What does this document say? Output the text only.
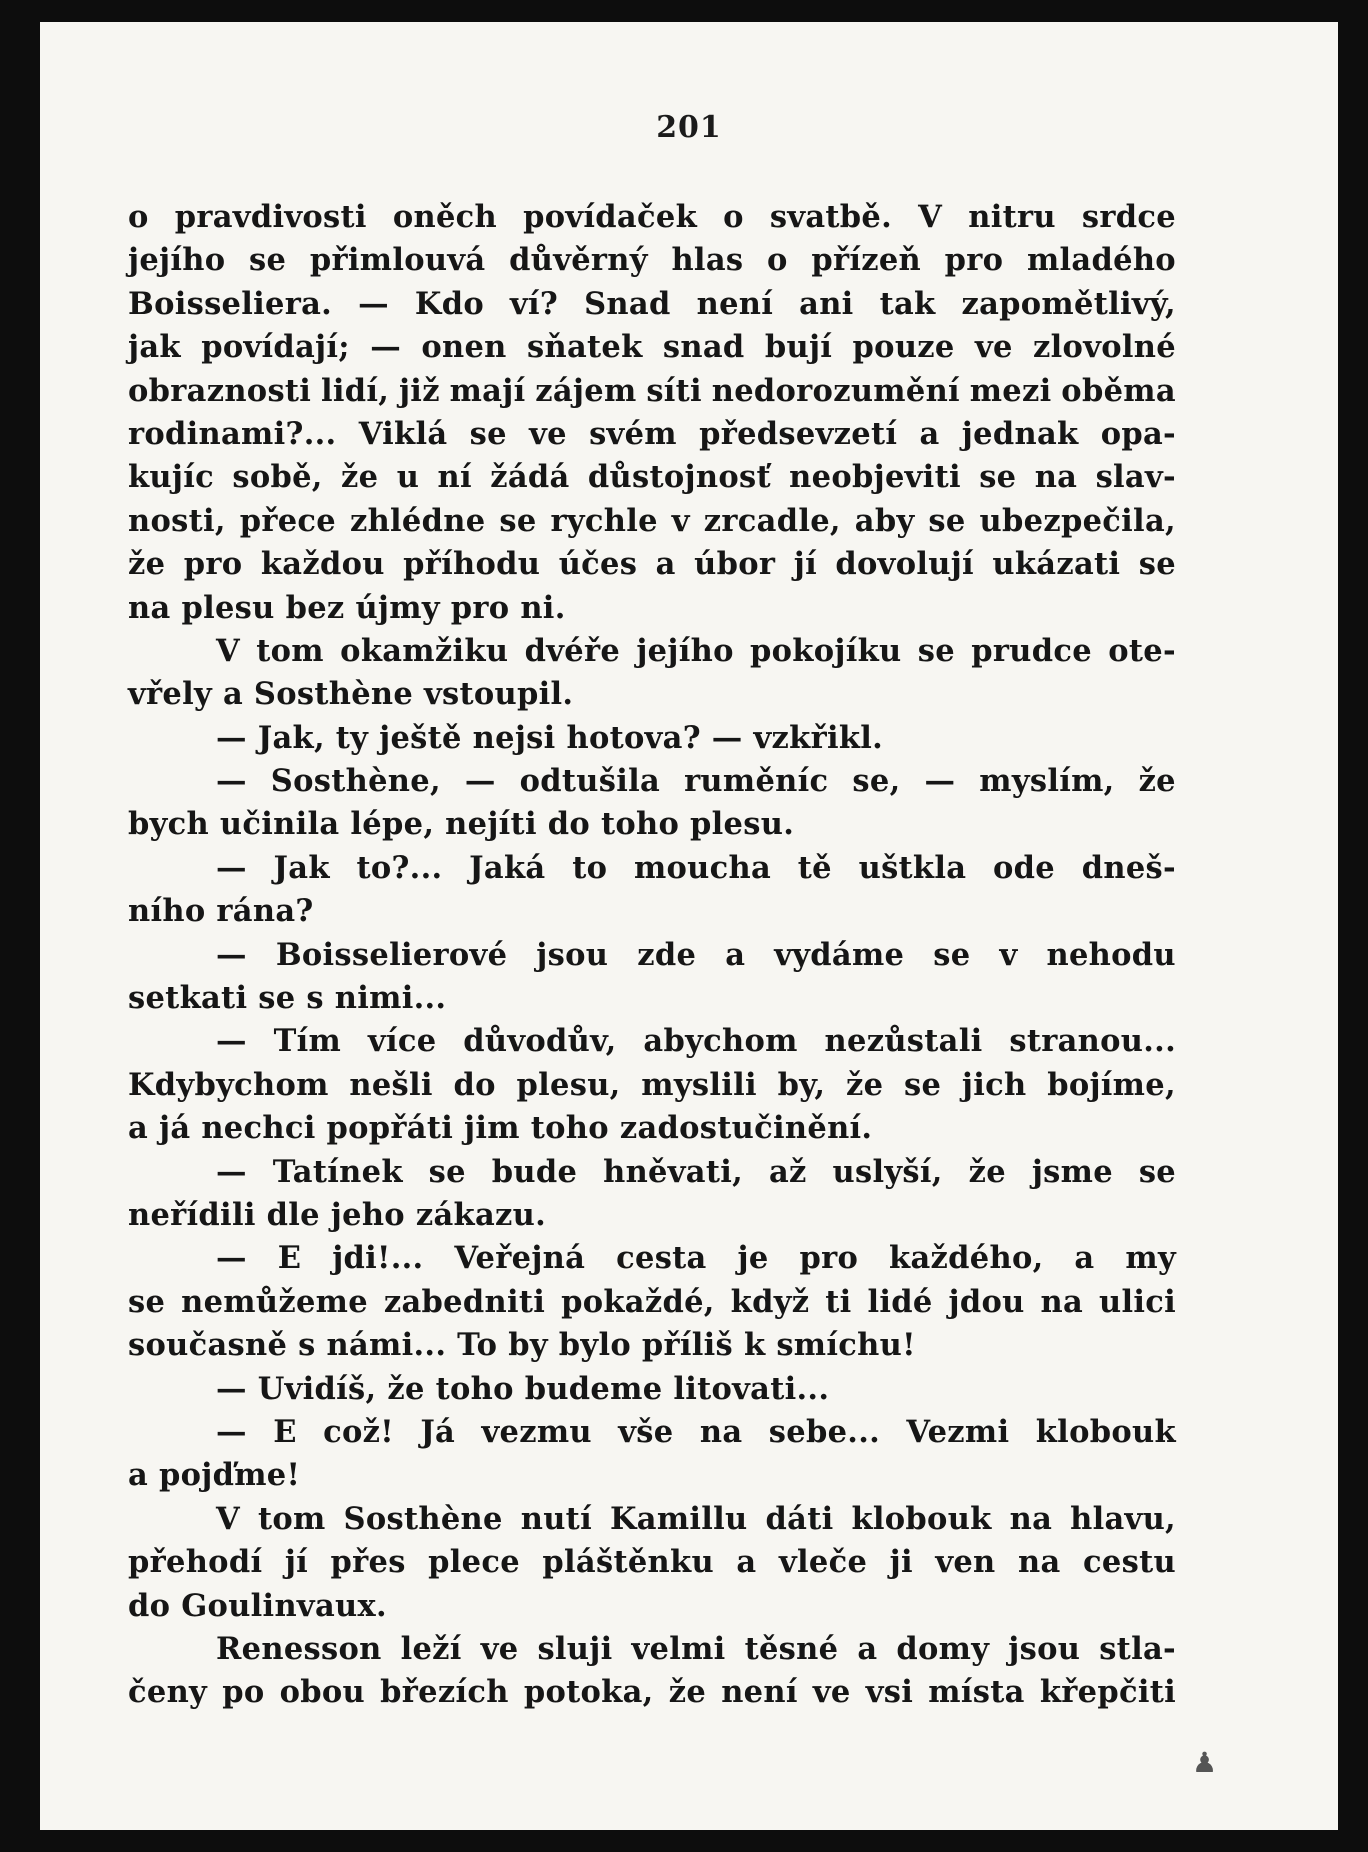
201
o pravdivosti oněch povídaček o svatbě. V nitru srdce
jejího se přimlouvá důvěrný hlas o přízeň pro mladého
Boisseliera. — Kdo ví? Snad není ani tak zapomětlivý,
jak povídají; — onen sňatek snad bují pouze ve zlovolné
obraznosti lidí, již mají zájem síti nedorozumění mezi oběma
rodinami?... Viklá se ve svém předsevzetí a jednak opa-
kujíc sobě, že u ní žádá důstojnosť neobjeviti se na slav-
nosti, přece zhlédne se rychle v zrcadle, aby se ubezpečila,
že pro každou příhodu účes a úbor jí dovolují ukázati se
na plesu bez újmy pro ni.
V tom okamžiku dvéře jejího pokojíku se prudce ote-
vřely a Sosthène vstoupil.
— Jak, ty ještě nejsi hotova? — vzkřikl.
— Sosthène, — odtušila ruměníc se, — myslím, že
bych učinila lépe, nejíti do toho plesu.
— Jak to?... Jaká to moucha tě uštkla ode dneš-
ního rána?
— Boisselierové jsou zde a vydáme se v nehodu
setkati se s nimi...
— Tím více důvodův, abychom nezůstali stranou...
Kdybychom nešli do plesu, myslili by, že se jich bojíme,
a já nechci popřáti jim toho zadostučinění.
— Tatínek se bude hněvati, až uslyší, že jsme se
neřídili dle jeho zákazu.
— E jdi!... Veřejná cesta je pro každého, a my
se nemůžeme zabedniti pokaždé, když ti lidé jdou na ulici
současně s námi... To by bylo příliš k smíchu!
— Uvidíš, že toho budeme litovati...
— E což! Já vezmu vše na sebe... Vezmi klobouk
a pojďme!
V tom Sosthène nutí Kamillu dáti klobouk na hlavu,
přehodí jí přes plece pláštěnku a vleče ji ven na cestu
do Goulinvaux.
Renesson leží ve sluji velmi těsné a domy jsou stla-
čeny po obou březích potoka, že není ve vsi místa křepčiti
♟
